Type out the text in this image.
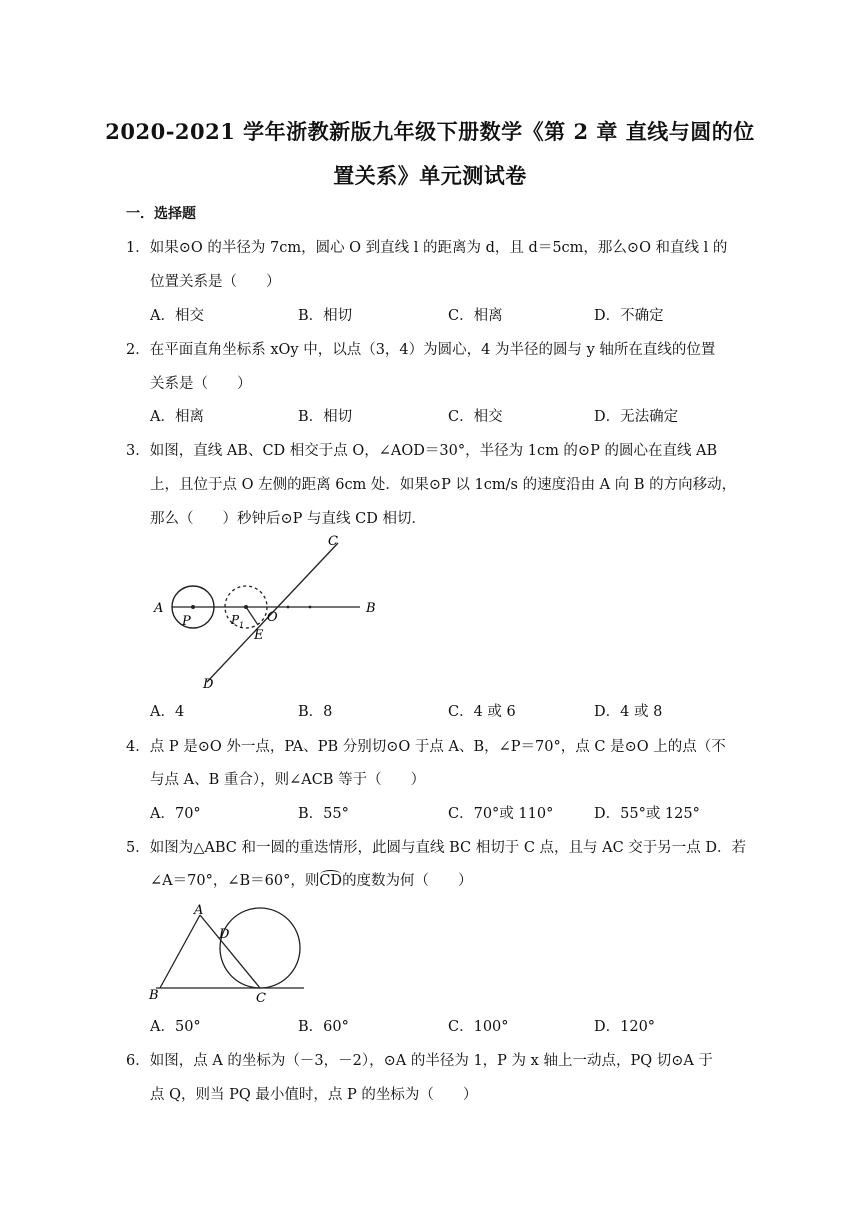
2020-2021 学年浙教新版九年级下册数学《第 2 章 直线与圆的位
置关系》单元测试卷
一．选择题
1．如果⊙O 的半径为 7cm，圆心 O 到直线 l 的距离为 d，且 d＝5cm，那么⊙O 和直线 l 的
位置关系是（　　）
A．相交	B．相切	C．相离	D．不确定
2．在平面直角坐标系 xOy 中，以点（3，4）为圆心，4 为半径的圆与 y 轴所在直线的位置
关系是（　　）
A．相离	B．相切	C．相交	D．无法确定
3．如图，直线 AB、CD 相交于点 O，∠AOD＝30°，半径为 1cm 的⊙P 的圆心在直线 AB
上，且位于点 O 左侧的距离 6cm 处．如果⊙P 以 1cm/s 的速度沿由 A 向 B 的方向移动，
那么（　　）秒钟后⊙P 与直线 CD 相切．
A	B
C
D
P	P 1
O
E
A．4	B．8	C．4 或 6	D．4 或 8
4．点 P 是⊙O 外一点，PA、PB 分别切⊙O 于点 A、B，∠P＝70°，点 C 是⊙O 上的点（不
与点 A、B 重合），则∠ACB 等于（　　）
A．70°	B．55°	C．70°或 110°	D．55°或 125°
5．如图为△ABC 和一圆的重迭情形，此圆与直线 BC 相切于 C 点，且与 AC 交于另一点 D．若
∠A＝70°，∠B＝60°，则CD的度数为何（　　）
A
B	C
D
A．50°	B．60°	C．100°	D．120°
6．如图，点 A 的坐标为（－3，－2），⊙A 的半径为 1，P 为 x 轴上一动点，PQ 切⊙A 于
点 Q，则当 PQ 最小值时，点 P 的坐标为（　　）
